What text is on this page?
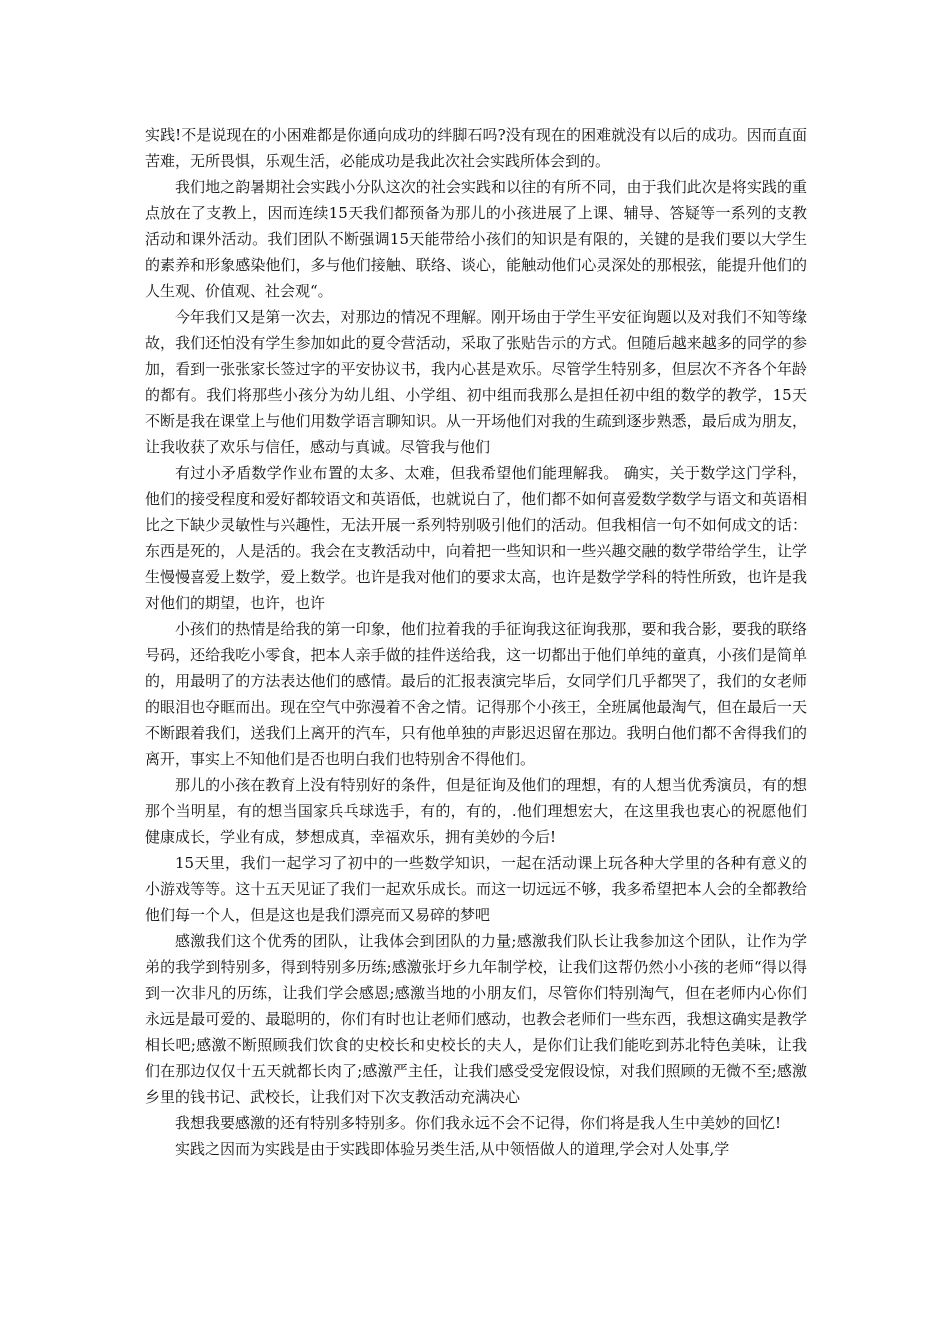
实践!不是说现在的小困难都是你通向成功的绊脚石吗?没有现在的困难就没有以后的成功。因而直面苦难，无所畏惧，乐观生活，必能成功是我此次社会实践所体会到的。

我们地之韵暑期社会实践小分队这次的社会实践和以往的有所不同，由于我们此次是将实践的重点放在了支教上，因而连续15天我们都预备为那儿的小孩进展了上课、辅导、答疑等一系列的支教活动和课外活动。我们团队不断强调15天能带给小孩们的知识是有限的，关键的是我们要以大学生的素养和形象感染他们，多与他们接触、联络、谈心，能触动他们心灵深处的那根弦，能提升他们的人生观、价值观、社会观“。

今年我们又是第一次去，对那边的情况不理解。刚开场由于学生平安征询题以及对我们不知等缘故，我们还怕没有学生参加如此的夏令营活动，采取了张贴告示的方式。但随后越来越多的同学的参加，看到一张张家长签过字的平安协议书，我内心甚是欢乐。尽管学生特别多，但层次不齐各个年龄的都有。我们将那些小孩分为幼儿组、小学组、初中组而我那么是担任初中组的数学的教学，15天不断是我在课堂上与他们用数学语言聊知识。从一开场他们对我的生疏到逐步熟悉，最后成为朋友，让我收获了欢乐与信任，感动与真诚。尽管我与他们

有过小矛盾数学作业布置的太多、太难，但我希望他们能理解我。 确实，关于数学这门学科，他们的接受程度和爱好都较语文和英语低，也就说白了，他们都不如何喜爱数学数学与语文和英语相比之下缺少灵敏性与兴趣性，无法开展一系列特别吸引他们的活动。但我相信一句不如何成文的话：东西是死的，人是活的。我会在支教活动中，向着把一些知识和一些兴趣交融的数学带给学生，让学生慢慢喜爱上数学，爱上数学。也许是我对他们的要求太高，也许是数学学科的特性所致，也许是我对他们的期望，也许，也许

小孩们的热情是给我的第一印象，他们拉着我的手征询我这征询我那，要和我合影，要我的联络号码，还给我吃小零食，把本人亲手做的挂件送给我，这一切都出于他们单纯的童真，小孩们是简单的，用最明了的方法表达他们的感情。最后的汇报表演完毕后，女同学们几乎都哭了，我们的女老师的眼泪也夺眶而出。现在空气中弥漫着不舍之情。记得那个小孩王，全班属他最淘气，但在最后一天不断跟着我们，送我们上离开的汽车，只有他单独的声影迟迟留在那边。我明白他们都不舍得我们的离开，事实上不知他们是否也明白我们也特别舍不得他们。

那儿的小孩在教育上没有特别好的条件，但是征询及他们的理想，有的人想当优秀演员，有的想那个当明星，有的想当国家兵乓球选手，有的，有的，.他们理想宏大，在这里我也衷心的祝愿他们健康成长，学业有成，梦想成真，幸福欢乐，拥有美妙的今后!

15天里，我们一起学习了初中的一些数学知识，一起在活动课上玩各种大学里的各种有意义的小游戏等等。这十五天见证了我们一起欢乐成长。而这一切远远不够，我多希望把本人会的全都教给他们每一个人，但是这也是我们漂亮而又易碎的梦吧

感激我们这个优秀的团队，让我体会到团队的力量;感激我们队长让我参加这个团队，让作为学弟的我学到特别多，得到特别多历练;感激张圩乡九年制学校，让我们这帮仍然小小孩的老师“得以得到一次非凡的历练，让我们学会感恩;感激当地的小朋友们，尽管你们特别淘气，但在老师内心你们永远是最可爱的、最聪明的，你们有时也让老师们感动，也教会老师们一些东西，我想这确实是教学相长吧;感激不断照顾我们饮食的史校长和史校长的夫人，是你们让我们能吃到苏北特色美味，让我们在那边仅仅十五天就都长肉了;感激严主任，让我们感受受宠假设惊，对我们照顾的无微不至;感激乡里的钱书记、武校长，让我们对下次支教活动充满决心

我想我要感激的还有特别多特别多。你们我永远不会不记得，你们将是我人生中美妙的回忆!

实践之因而为实践是由于实践即体验另类生活,从中领悟做人的道理,学会对人处事,学
